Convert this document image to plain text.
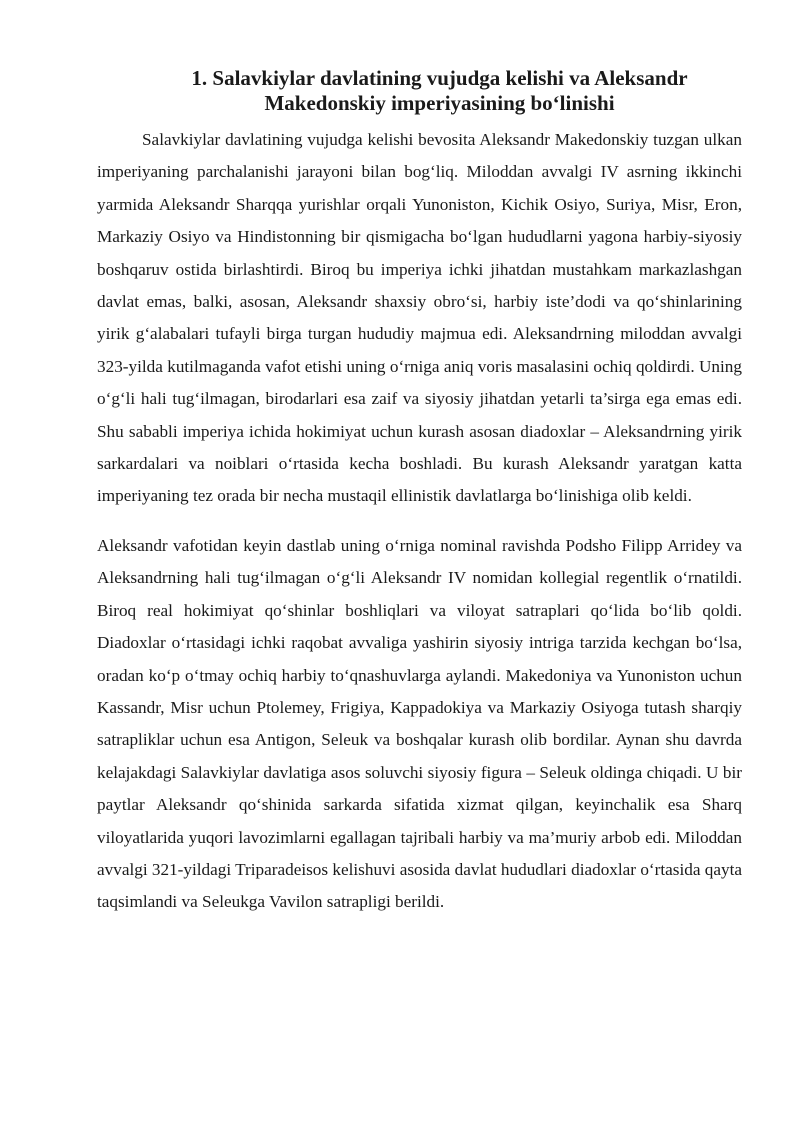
1. Salavkiylar davlatining vujudga kelishi va Aleksandr
Makedonskiy imperiyasining bo‘linishi

Salavkiylar davlatining vujudga kelishi bevosita Aleksandr Makedonskiy tuzgan ulkan imperiyaning parchalanishi jarayoni bilan bog‘liq. Miloddan avvalgi IV asrning ikkinchi yarmida Aleksandr Sharqqa yurishlar orqali Yunoniston, Kichik Osiyo, Suriya, Misr, Eron, Markaziy Osiyo va Hindistonning bir qismigacha bo‘lgan hududlarni yagona harbiy-siyosiy boshqaruv ostida birlashtirdi. Biroq bu imperiya ichki jihatdan mustahkam markazlashgan davlat emas, balki, asosan, Aleksandr shaxsiy obro‘si, harbiy iste’dodi va qo‘shinlarining yirik g‘alabalari tufayli birga turgan hududiy majmua edi. Aleksandrning miloddan avvalgi 323-yilda kutilmaganda vafot etishi uning o‘rniga aniq voris masalasini ochiq qoldirdi. Uning o‘g‘li hali tug‘ilmagan, birodarlari esa zaif va siyosiy jihatdan yetarli ta’sirga ega emas edi. Shu sababli imperiya ichida hokimiyat uchun kurash asosan diadoxlar – Aleksandrning yirik sarkardalari va noiblari o‘rtasida kecha boshladi. Bu kurash Aleksandr yaratgan katta imperiyaning tez orada bir necha mustaqil ellinistik davlatlarga bo‘linishiga olib keldi.

Aleksandr vafotidan keyin dastlab uning o‘rniga nominal ravishda Podsho Filipp Arridey va Aleksandrning hali tug‘ilmagan o‘g‘li Aleksandr IV nomidan kollegial regentlik o‘rnatildi. Biroq real hokimiyat qo‘shinlar boshliqlari va viloyat satraplari qo‘lida bo‘lib qoldi. Diadoxlar o‘rtasidagi ichki raqobat avvaliga yashirin siyosiy intriga tarzida kechgan bo‘lsa, oradan ko‘p o‘tmay ochiq harbiy to‘qnashuvlarga aylandi. Makedoniya va Yunoniston uchun Kassandr, Misr uchun Ptolemey, Frigiya, Kappadokiya va Markaziy Osiyoga tutash sharqiy satrapliklar uchun esa Antigon, Seleuk va boshqalar kurash olib bordilar. Aynan shu davrda kelajakdagi Salavkiylar davlatiga asos soluvchi siyosiy figura – Seleuk oldinga chiqadi. U bir paytlar Aleksandr qo‘shinida sarkarda sifatida xizmat qilgan, keyinchalik esa Sharq viloyatlarida yuqori lavozimlarni egallagan tajribali harbiy va ma’muriy arbob edi. Miloddan avvalgi 321-yildagi Triparadeisos kelishuvi asosida davlat hududlari diadoxlar o‘rtasida qayta taqsimlandi va Seleukga Vavilon satrapligi berildi.
